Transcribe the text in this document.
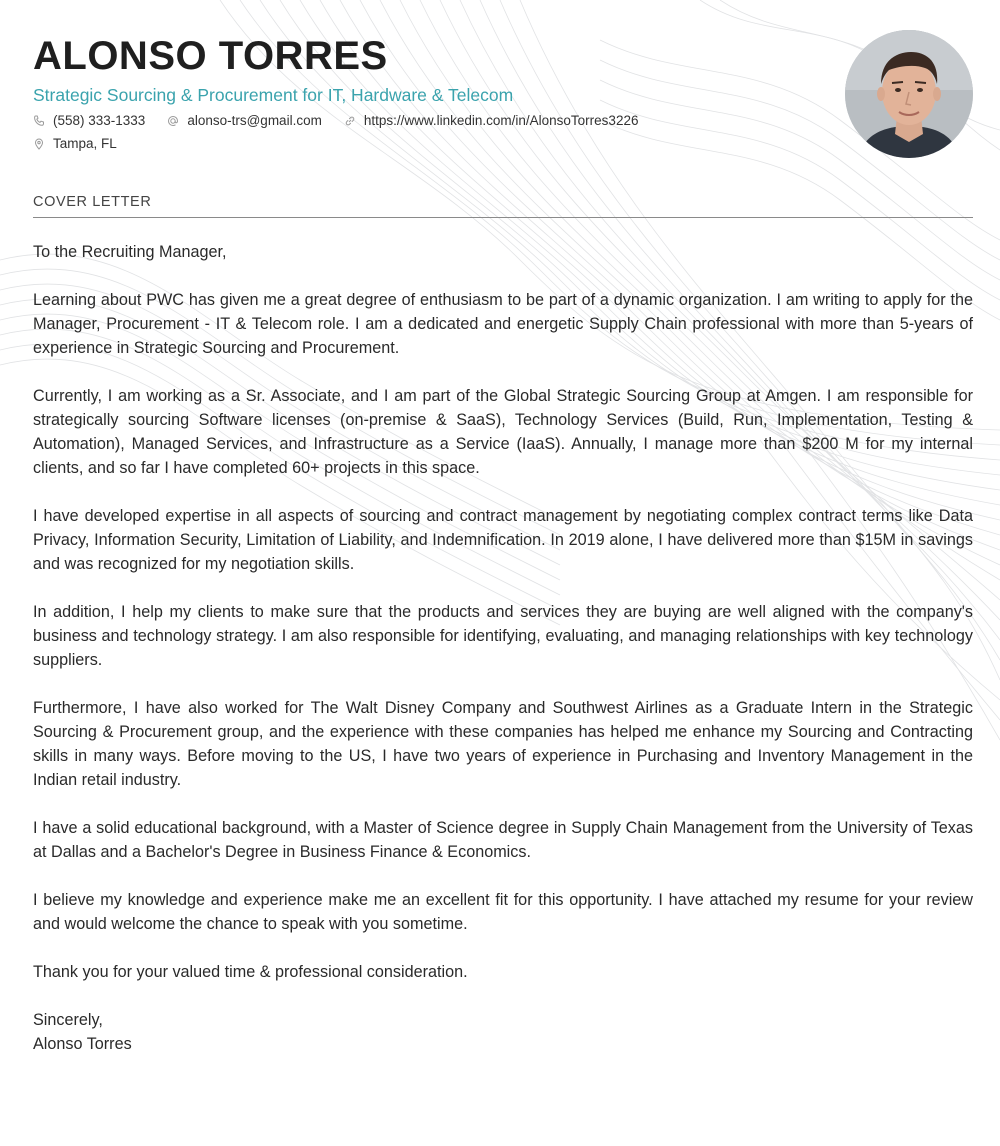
ALONSO TORRES
Strategic Sourcing & Procurement for IT, Hardware & Telecom
(558) 333-1333	alonso-trs@gmail.com	https://www.linkedin.com/in/AlonsoTorres3226
Tampa, FL
COVER LETTER

To the Recruiting Manager,

Learning about PWC has given me a great degree of enthusiasm to be part of a dynamic organization. I am writing to apply for the Manager, Procurement - IT & Telecom role. I am a dedicated and energetic Supply Chain professional with more than 5-years of experience in Strategic Sourcing and Procurement.

Currently, I am working as a Sr. Associate, and I am part of the Global Strategic Sourcing Group at Amgen. I am responsible for strategically sourcing Software licenses (on-premise & SaaS), Technology Services (Build, Run, Implementation, Testing & Automation), Managed Services, and Infrastructure as a Service (IaaS). Annually, I manage more than $200 M for my internal clients, and so far I have completed 60+ projects in this space.

I have developed expertise in all aspects of sourcing and contract management by negotiating complex contract terms like Data Privacy, Information Security, Limitation of Liability, and Indemnification. In 2019 alone, I have delivered more than $15M in savings and was recognized for my negotiation skills.

In addition, I help my clients to make sure that the products and services they are buying are well aligned with the company's business and technology strategy. I am also responsible for identifying, evaluating, and managing relationships with key technology suppliers.

Furthermore, I have also worked for The Walt Disney Company and Southwest Airlines as a Graduate Intern in the Strategic Sourcing & Procurement group, and the experience with these companies has helped me enhance my Sourcing and Contracting skills in many ways. Before moving to the US, I have two years of experience in Purchasing and Inventory Management in the Indian retail industry.

I have a solid educational background, with a Master of Science degree in Supply Chain Management from the University of Texas at Dallas and a Bachelor's Degree in Business Finance & Economics.

I believe my knowledge and experience make me an excellent fit for this opportunity. I have attached my resume for your review and would welcome the chance to speak with you sometime.

Thank you for your valued time & professional consideration.

Sincerely,

Alonso Torres
